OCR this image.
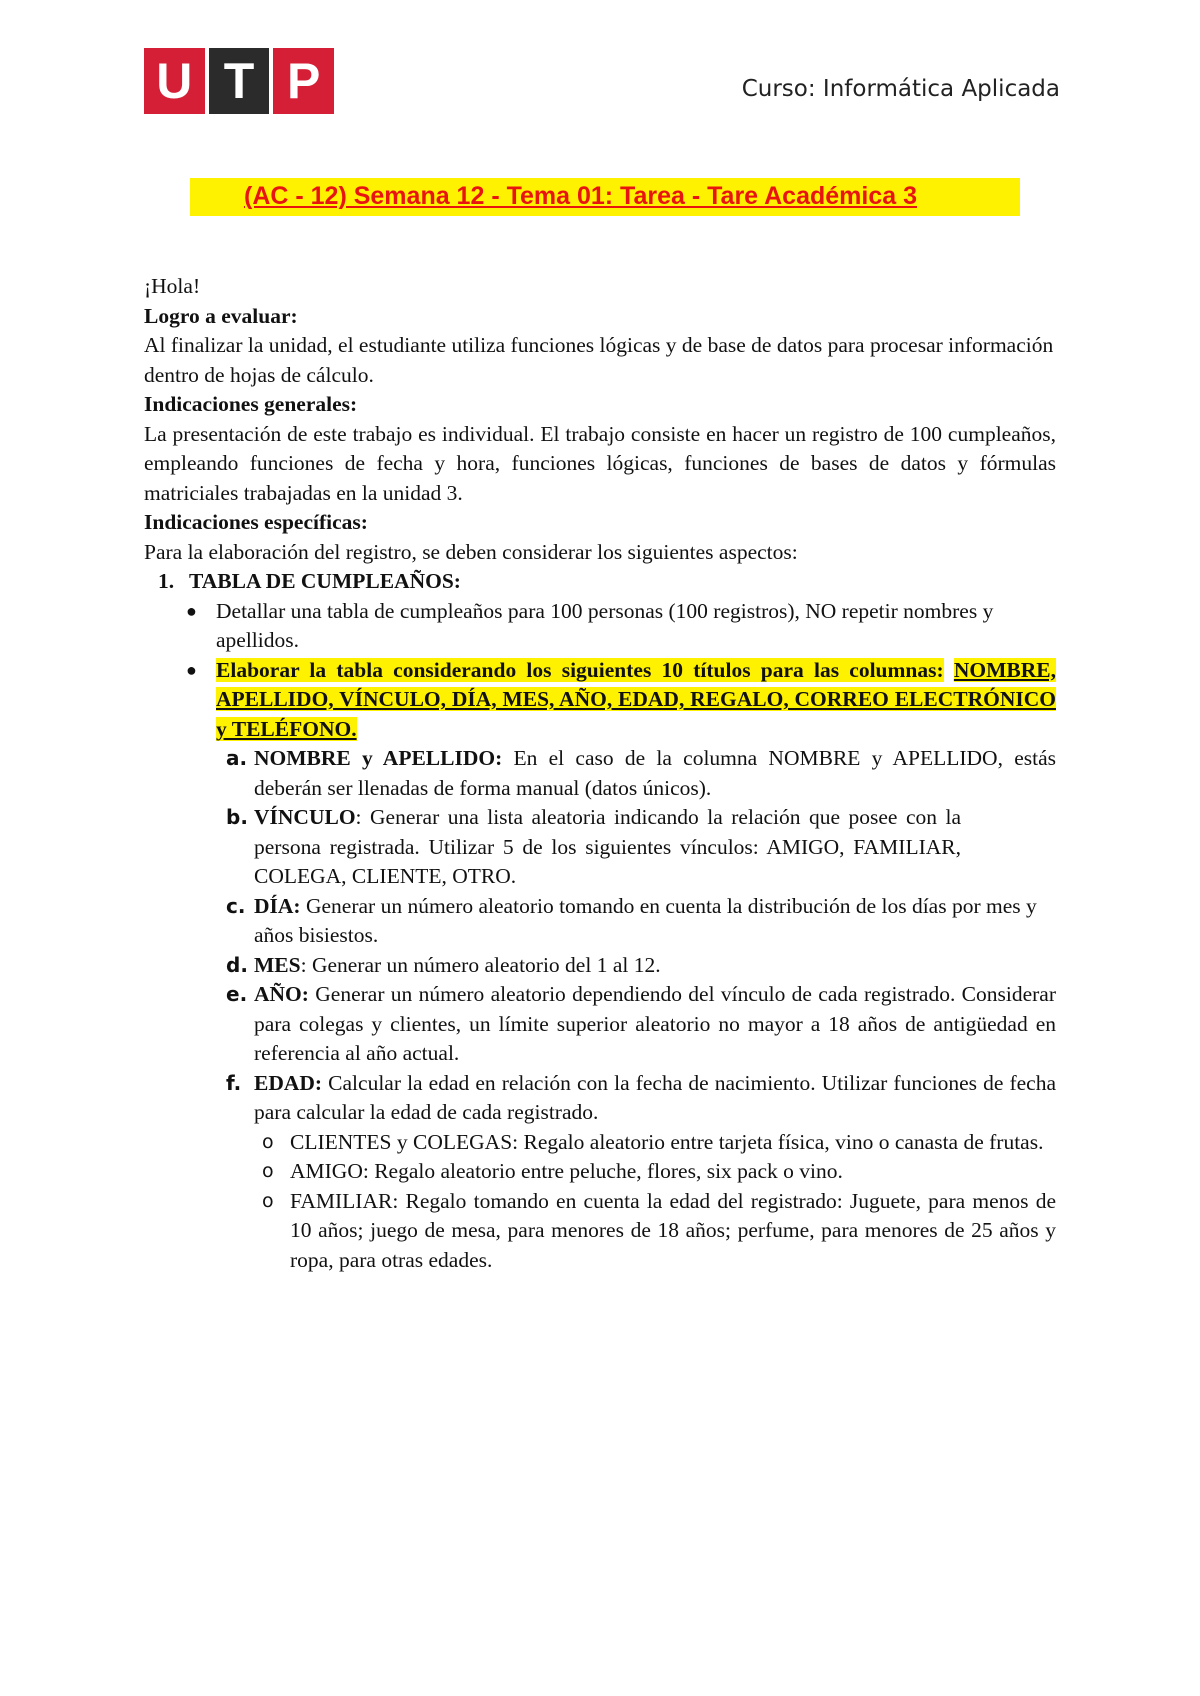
U T P	Curso: Informática Aplicada
(AC - 12) Semana 12 - Tema 01: Tarea - Tare Académica 3

¡Hola!

Logro a evaluar:

Al finalizar la unidad, el estudiante utiliza funciones lógicas y de base de datos para procesar información dentro de hojas de cálculo.

Indicaciones generales:

La presentación de este trabajo es individual. El trabajo consiste en hacer un registro de 100 cumpleaños, empleando funciones de fecha y hora, funciones lógicas, funciones de bases de datos y fórmulas matriciales trabajadas en la unidad 3.

Indicaciones específicas:

Para la elaboración del registro, se deben considerar los siguientes aspectos:

1. TABLA DE CUMPLEAÑOS:
● Detallar una tabla de cumpleaños para 100 personas (100 registros), NO repetir nombres y apellidos.
● Elaborar la tabla considerando los siguientes 10 títulos para las columnas: NOMBRE, APELLIDO, VÍNCULO, DÍA, MES, AÑO, EDAD, REGALO, CORREO ELECTRÓNICO y TELÉFONO.
a. NOMBRE y APELLIDO: En el caso de la columna NOMBRE y APELLIDO, estás deberán ser llenadas de forma manual (datos únicos).
b. VÍNCULO: Generar una lista aleatoria indicando la relación que posee con la persona registrada. Utilizar 5 de los siguientes vínculos: AMIGO, FAMILIAR, COLEGA, CLIENTE, OTRO.
c. DÍA: Generar un número aleatorio tomando en cuenta la distribución de los días por mes y años bisiestos.
d. MES: Generar un número aleatorio del 1 al 12.
e. AÑO: Generar un número aleatorio dependiendo del vínculo de cada registrado. Considerar para colegas y clientes, un límite superior aleatorio no mayor a 18 años de antigüedad en referencia al año actual.
f. EDAD: Calcular la edad en relación con la fecha de nacimiento. Utilizar funciones de fecha para calcular la edad de cada registrado.
o CLIENTES y COLEGAS: Regalo aleatorio entre tarjeta física, vino o canasta de frutas.
o AMIGO: Regalo aleatorio entre peluche, flores, six pack o vino.
o FAMILIAR: Regalo tomando en cuenta la edad del registrado: Juguete, para menos de 10 años; juego de mesa, para menores de 18 años; perfume, para menores de 25 años y ropa, para otras edades.
